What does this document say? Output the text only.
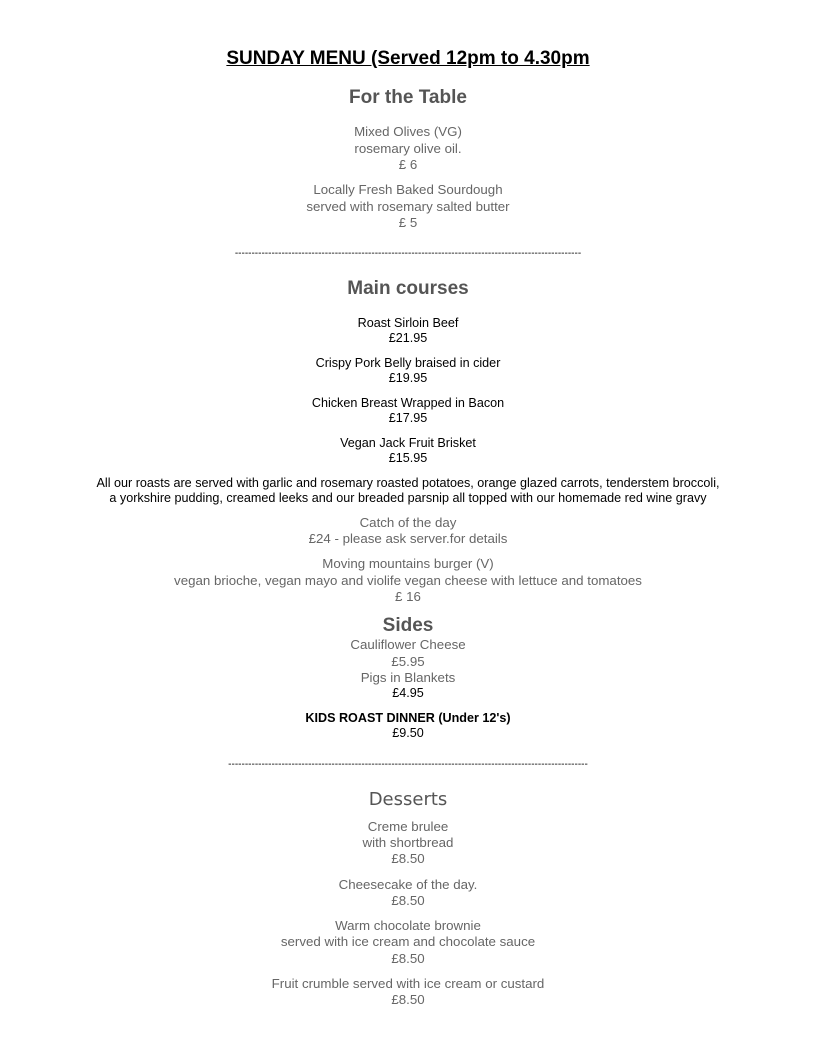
SUNDAY MENU (Served 12pm to 4.30pm
For the Table
Mixed Olives (VG)
rosemary olive oil.
£ 6
Locally Fresh Baked Sourdough
served with rosemary salted butter
£ 5
--------------------------------------------------------------------------------------------------------
Main courses
Roast Sirloin Beef
£21.95
Crispy Pork Belly braised in cider
£19.95
Chicken Breast Wrapped in Bacon
£17.95
Vegan Jack Fruit Brisket
£15.95
All our roasts are served with garlic and rosemary roasted potatoes, orange glazed carrots, tenderstem broccoli,
a yorkshire pudding, creamed leeks and our breaded parsnip all topped with our homemade red wine gravy
Catch of the day
£24 - please ask server.for details
Moving mountains burger (V)
vegan brioche, vegan mayo and violife vegan cheese with lettuce and tomatoes
£ 16
Sides
Cauliflower Cheese
£5.95
Pigs in Blankets
£4.95
KIDS ROAST DINNER (Under 12's)
£9.50
------------------------------------------------------------------------------------------------------------
Desserts
Creme brulee
with shortbread
£8.50
Cheesecake of the day.
£8.50
Warm chocolate brownie
served with ice cream and chocolate sauce
£8.50
Fruit crumble served with ice cream or custard
£8.50
